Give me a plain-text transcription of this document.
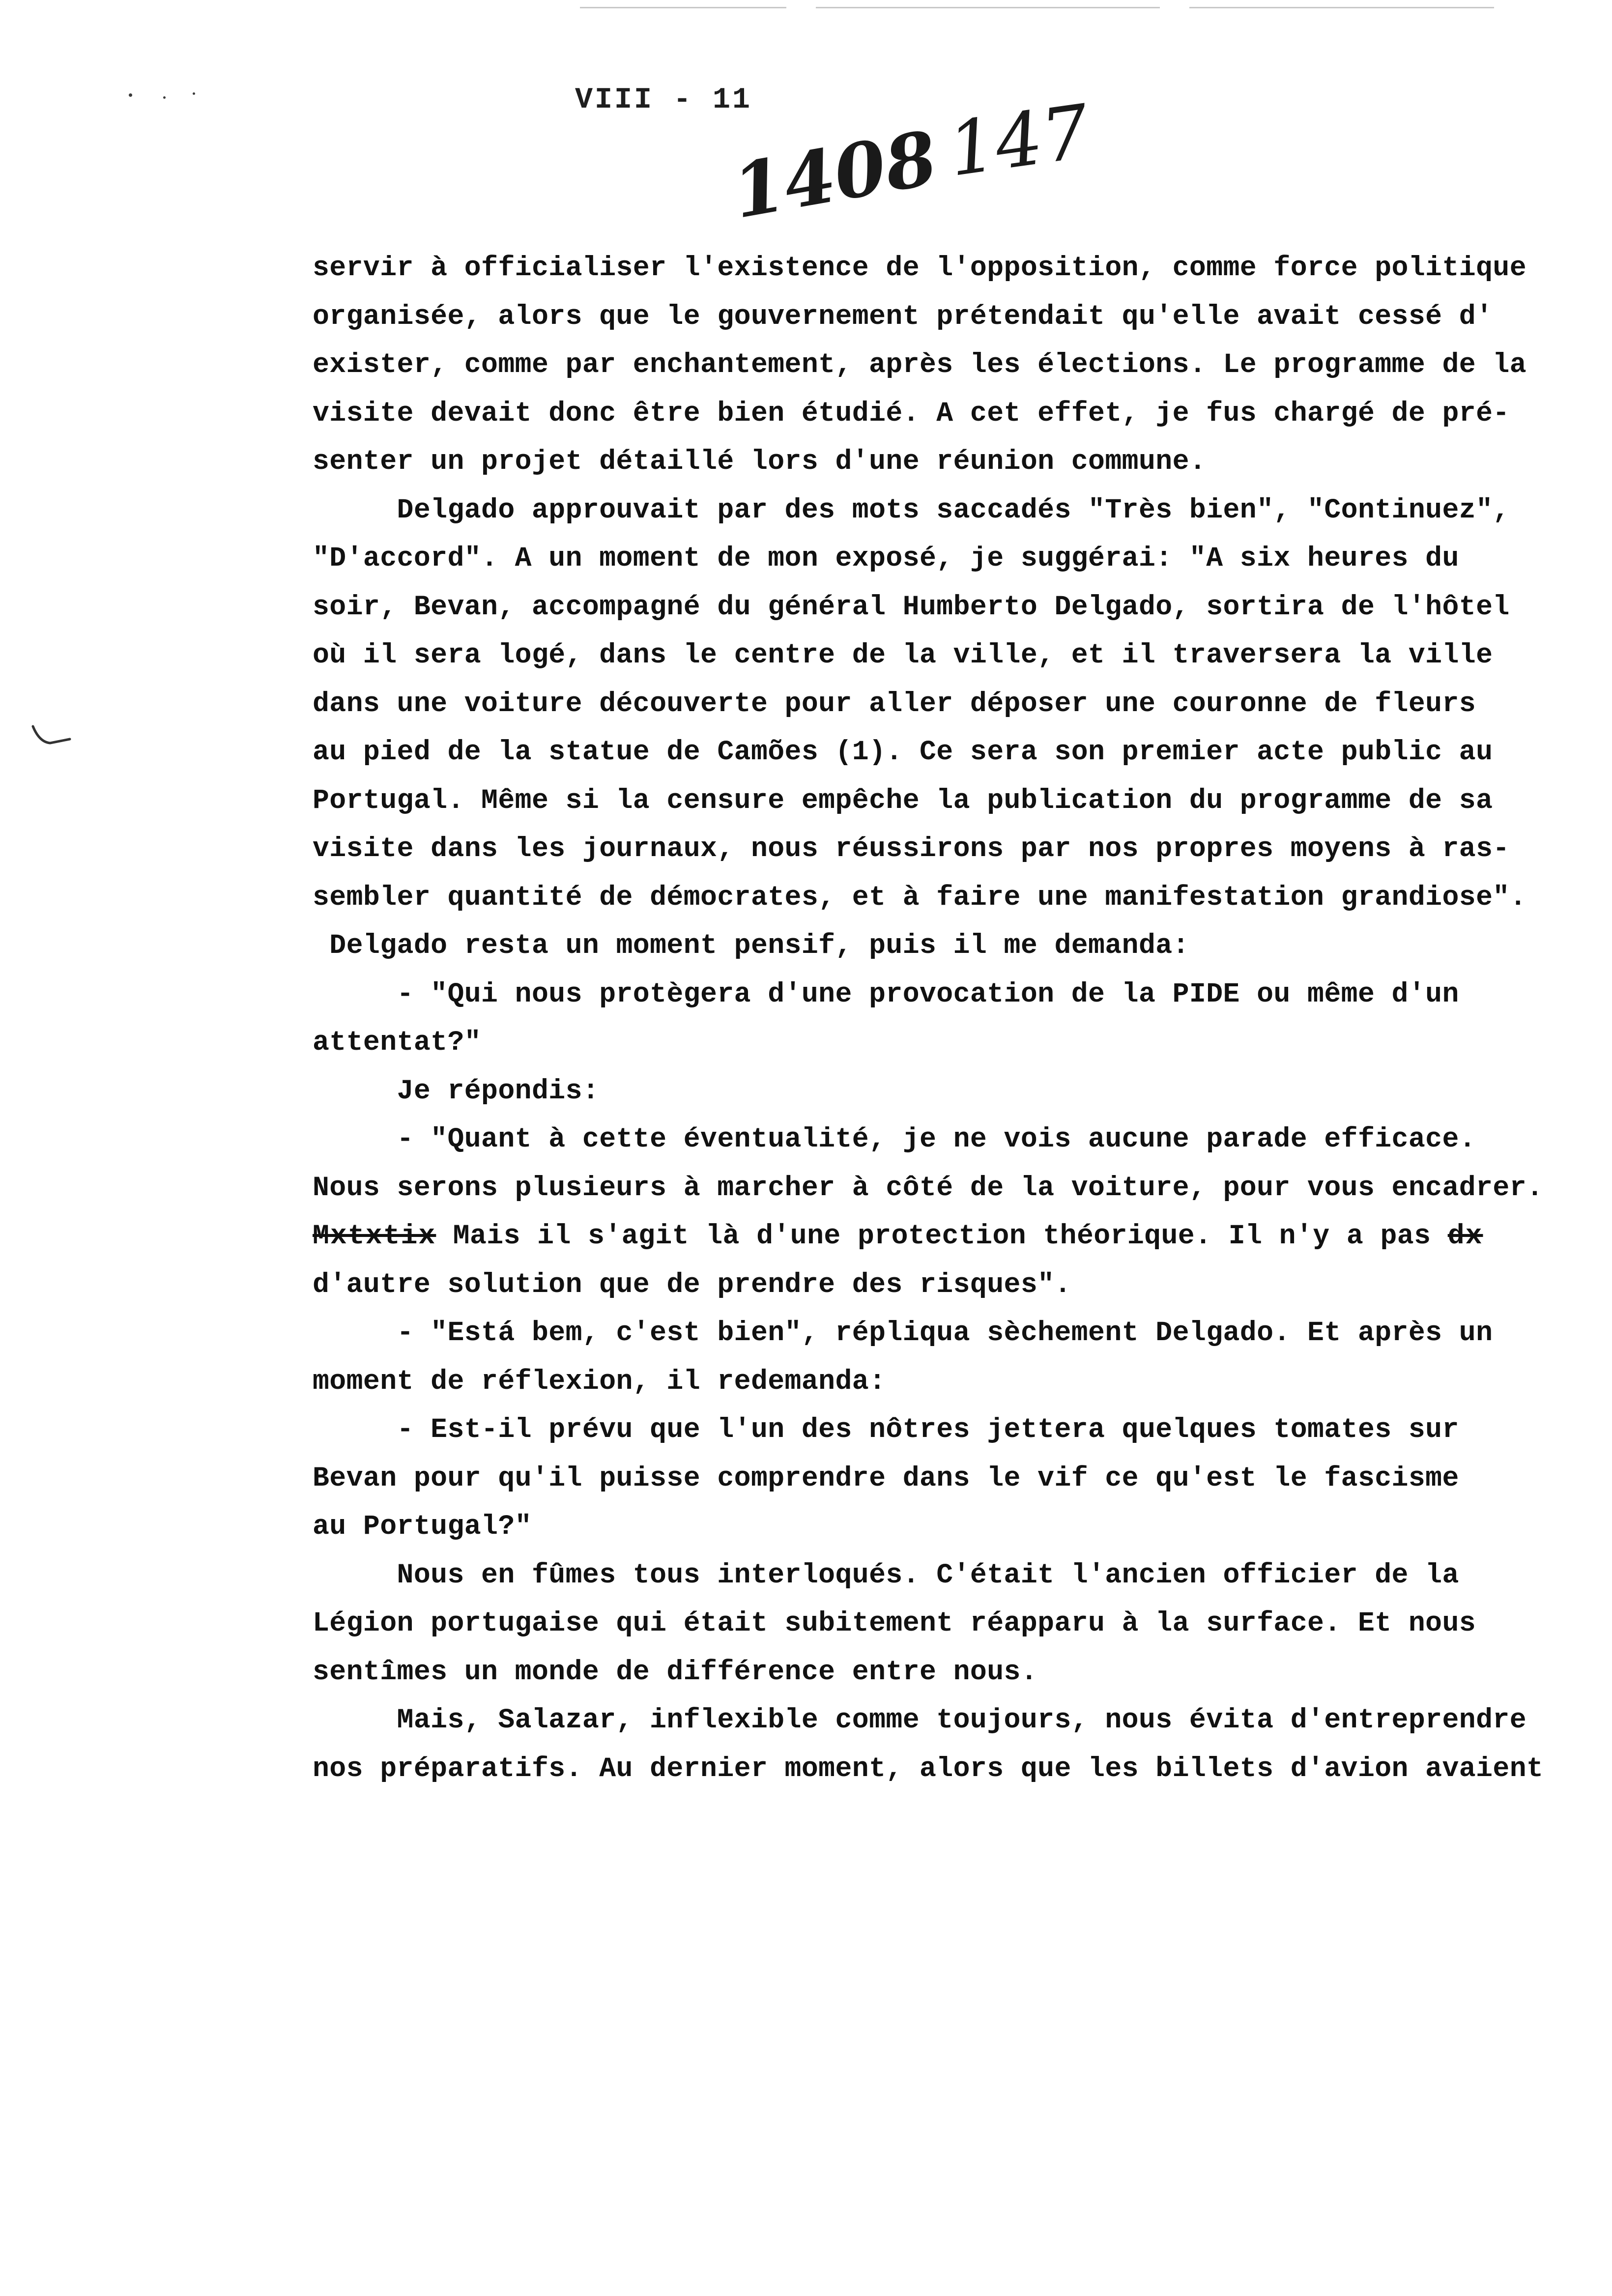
VIII - 11
1408 147
servir à officialiser l'existence de l'opposition, comme force politique
organisée, alors que le gouvernement prétendait qu'elle avait cessé d'
exister, comme par enchantement, après les élections. Le programme de la
visite devait donc être bien étudié. A cet effet, je fus chargé de pré-
senter un projet détaillé lors d'une réunion commune.
Delgado approuvait par des mots saccadés "Très bien", "Continuez",
"D'accord". A un moment de mon exposé, je suggérai: "A six heures du
soir, Bevan, accompagné du général Humberto Delgado, sortira de l'hôtel
où il sera logé, dans le centre de la ville, et il traversera la ville
dans une voiture découverte pour aller déposer une couronne de fleurs
au pied de la statue de Camões (1). Ce sera son premier acte public au
Portugal. Même si la censure empêche la publication du programme de sa
visite dans les journaux, nous réussirons par nos propres moyens à ras-
sembler quantité de démocrates, et à faire une manifestation grandiose".
Delgado resta un moment pensif, puis il me demanda:
- "Qui nous protègera d'une provocation de la PIDE ou même d'un
attentat?"
Je répondis:
- "Quant à cette éventualité, je ne vois aucune parade efficace.
Nous serons plusieurs à marcher à côté de la voiture, pour vous encadrer.
Mxtxtix Mais il s'agit là d'une protection théorique. Il n'y a pas dx
d'autre solution que de prendre des risques".
- "Está bem, c'est bien", répliqua sèchement Delgado. Et après un
moment de réflexion, il redemanda:
- Est-il prévu que l'un des nôtres jettera quelques tomates sur
Bevan pour qu'il puisse comprendre dans le vif ce qu'est le fascisme
au Portugal?"
Nous en fûmes tous interloqués. C'était l'ancien officier de la
Légion portugaise qui était subitement réapparu à la surface. Et nous
sentîmes un monde de différence entre nous.
Mais, Salazar, inflexible comme toujours, nous évita d'entreprendre
nos préparatifs. Au dernier moment, alors que les billets d'avion avaient
